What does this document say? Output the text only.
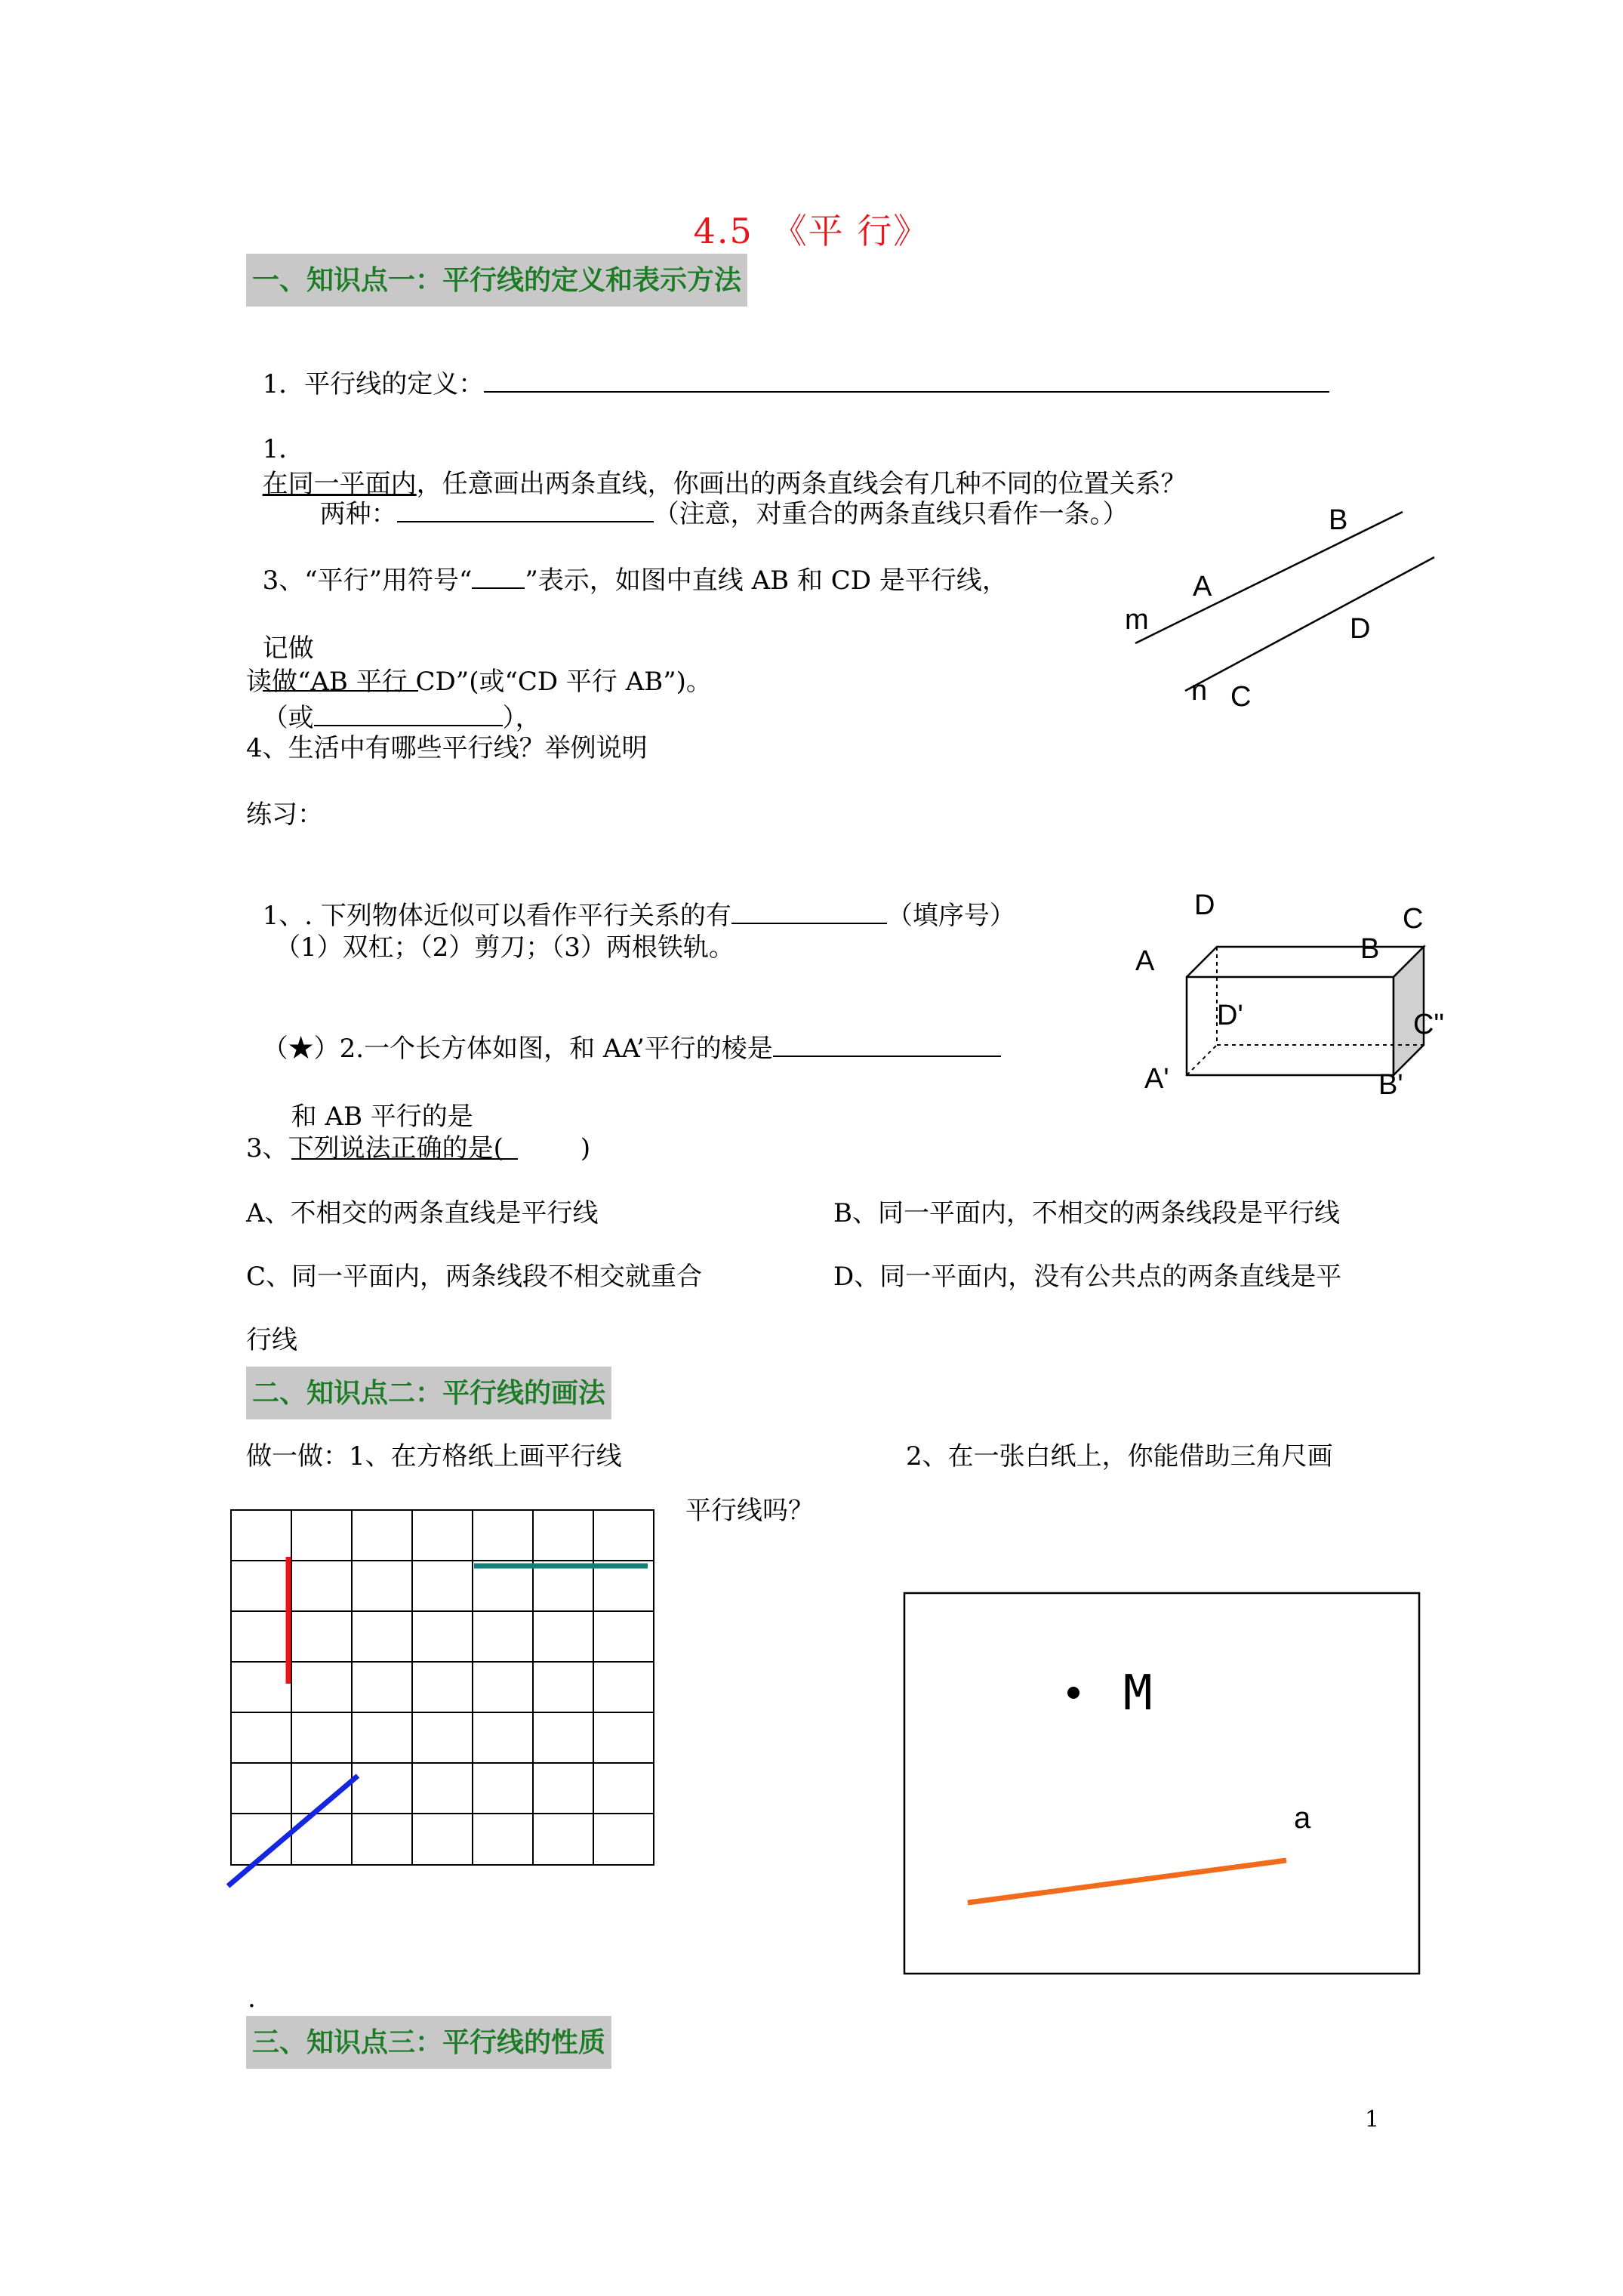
4.5　《平 行》
一、知识点一：平行线的定义和表示方法

1．平行线的定义：

1．
在同一平面内，任意画出两条直线，你画出的两条直线会有几种不同的位置关系？

两种：	（注意，对重合的两条直线只看作一条。）

3、“平行”用符号“ ”表示，如图中直线 AB 和 CD 是平行线，

记做

（或	），

读做“AB 平行 CD”(或“CD 平行 AB”)。
4、生活中有哪些平行线？举例说明
练习：

1、. 下列物体近似可以看作平行关系的有	（填序号）

（1）双杠；（2）剪刀；（3）两根铁轨。

（★）2.一个长方体如图，和 AA’平行的棱是

和 AB 平行的是

3、下列说法正确的是(　　　)
A、不相交的两条直线是平行线	B、同一平面内，不相交的两条线段是平行线
C、同一平面内，两条线段不相交就重合	D、同一平面内，没有公共点的两条直线是平
行线
二、知识点二：平行线的画法
做一做：1、在方格纸上画平行线	2、在一张白纸上，你能借助三角尺画
平行线吗？
B
A
m	D
n C
D	C
A	B
D'	C"
A'	B'
M
a
.
三、知识点三：平行线的性质
1
